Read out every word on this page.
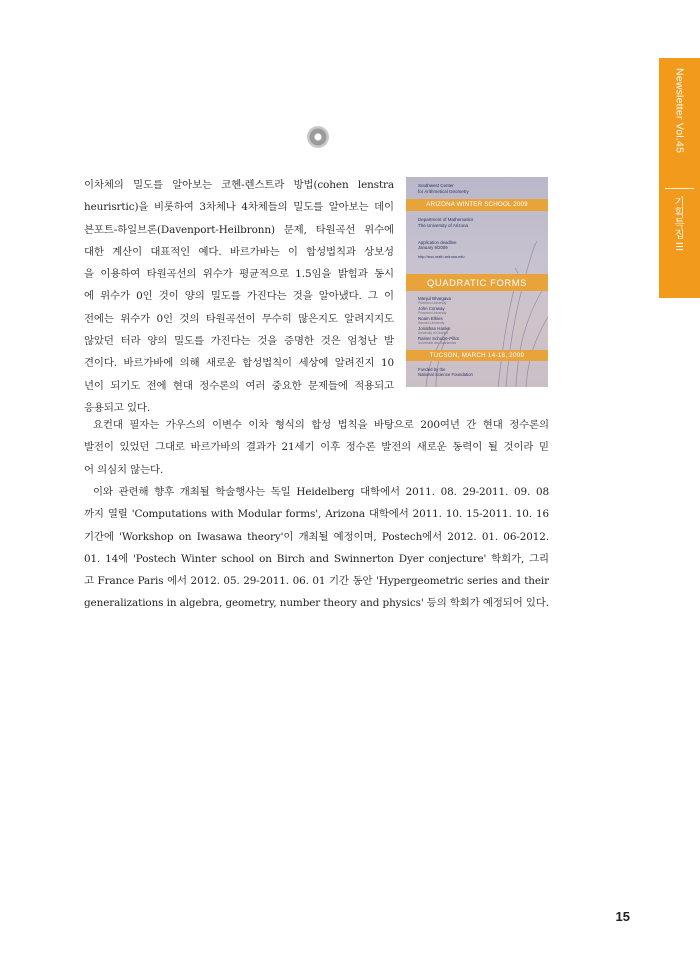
Newsletter Vol.45
기획특집 III
이차체의 밀도를 알아보는 코헨-렌스트라 방법(cohen lenstra
heurisrtic)을 비롯하여 3차체나 4차체들의 밀도를 알아보는 데이
븐포트-하일브론(Davenport-Heilbronn) 문제, 타원곡선 위수에
대한 계산이 대표적인 예다. 바르가바는 이 합성법칙과 상보성
을 이용하여 타원곡선의 위수가 평균적으로 1.5임을 밝힘과 동시
에 위수가 0인 것이 양의 밀도를 가진다는 것을 알아냈다. 그 이
전에는 위수가 0인 것의 타원곡선이 무수히 많은지도 알려지지도
않았던 터라 양의 밀도를 가진다는 것을 증명한 것은 엄청난 발
견이다. 바르가바에 의해 새로운 합성법칙이 세상에 알려진지 10
년이 되기도 전에 현대 정수론의 여러 중요한 문제들에 적용되고
응용되고 있다.
Southwest Center
for Arithmetical Geometry
ARIZONA WINTER SCHOOL 2009
Department of Mathematics
The University of Arizona
Application deadline
January 9/2009
http://swc.math.arizona.edu
QUADRATIC FORMS
Manjul Bhargava
Princeton University
John Conway
Princeton University
Noam Elkies
Harvard University
Jonathan Hanke
University of Georgia
Rainer Schulze-Pillot
Universität des Saarlandes
TUCSON, MARCH 14-18, 2009
Funded by the
National Science Foundation
요컨대 필자는 가우스의 이변수 이차 형식의 합성 법칙을 바탕으로 200여년 간 현대 정수론의
발전이 있었던 그대로 바르가바의 결과가 21세기 이후 정수론 발전의 새로운 동력이 될 것이라 믿
어 의심치 않는다.
이와 관련해 향후 개최될 학술행사는 독일 Heidelberg 대학에서 2011. 08. 29-2011. 09. 08
까지 열릴 'Computations with Modular forms', Arizona 대학에서 2011. 10. 15-2011. 10. 16
기간에 'Workshop on Iwasawa theory'이 개최될 예정이며, Postech에서 2012. 01. 06-2012.
01. 14에 'Postech Winter school on Birch and Swinnerton Dyer conjecture' 학회가, 그리
고 France Paris 에서 2012. 05. 29-2011. 06. 01 기간 동안 'Hypergeometric series and their
generalizations in algebra, geometry, number theory and physics' 등의 학회가 예정되어 있다.
15
